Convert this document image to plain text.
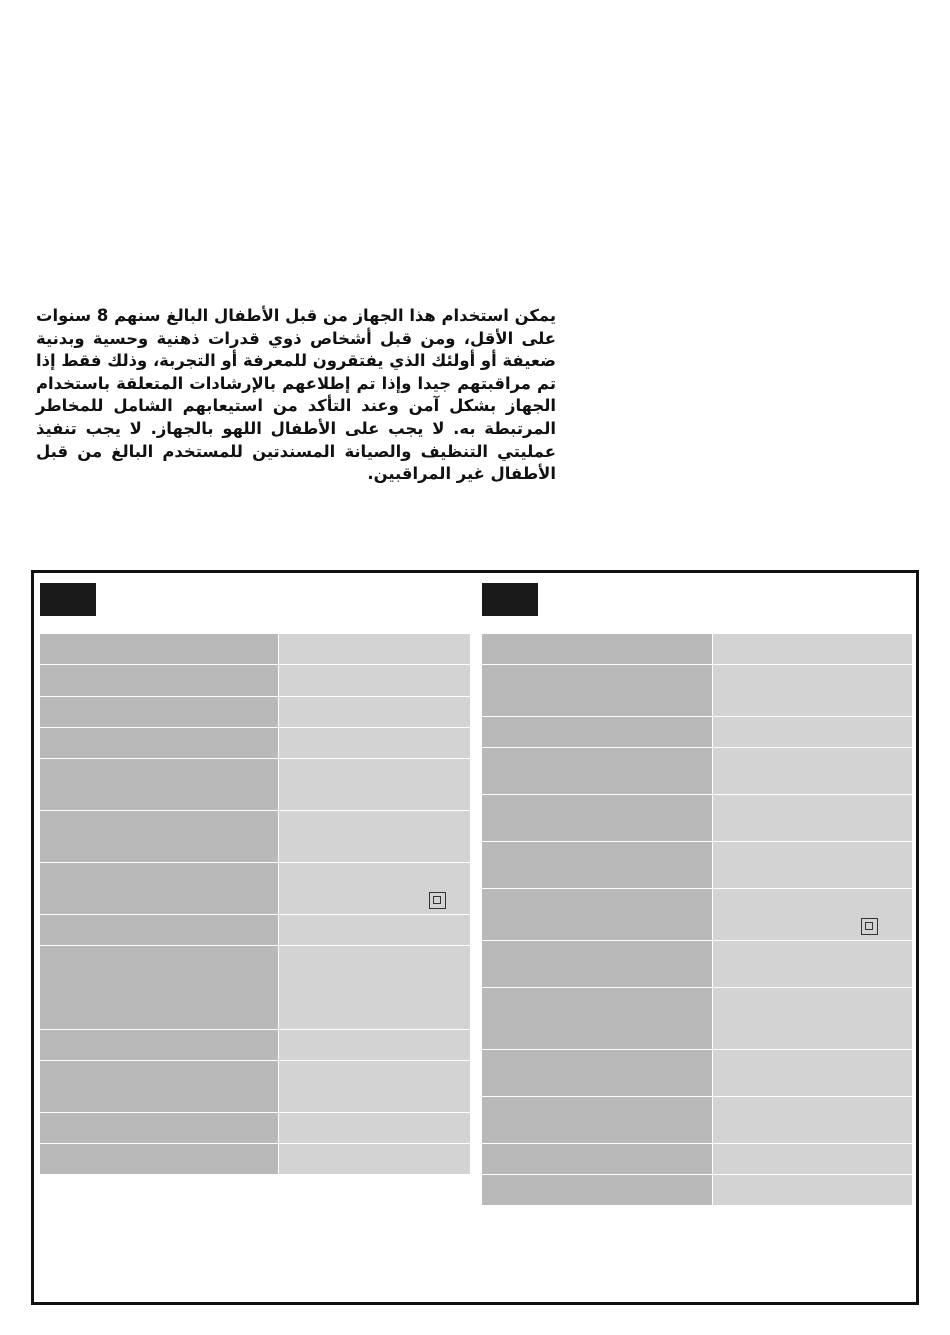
يمكن استخدام هذا الجهاز من قبل الأطفال البالغ سنهم 8 سنوات على الأقل، ومن قبل أشخاص ذوي قدرات ذهنية وحسية وبدنية ضعيفة أو أولئك الذي يفتقرون للمعرفة أو التجربة، وذلك فقط إذا تم مراقبتهم جيدا وإذا تم إطلاعهم بالإرشادات المتعلقة باستخدام الجهاز بشكل آمن وعند التأكد من استيعابهم الشامل للمخاطر المرتبطة به. لا يجب على الأطفال اللهو بالجهاز. لا يجب تنفيذ عمليتي التنظيف والصيانة المسندتين للمستخدم البالغ من قبل الأطفال غير المراقبين.
